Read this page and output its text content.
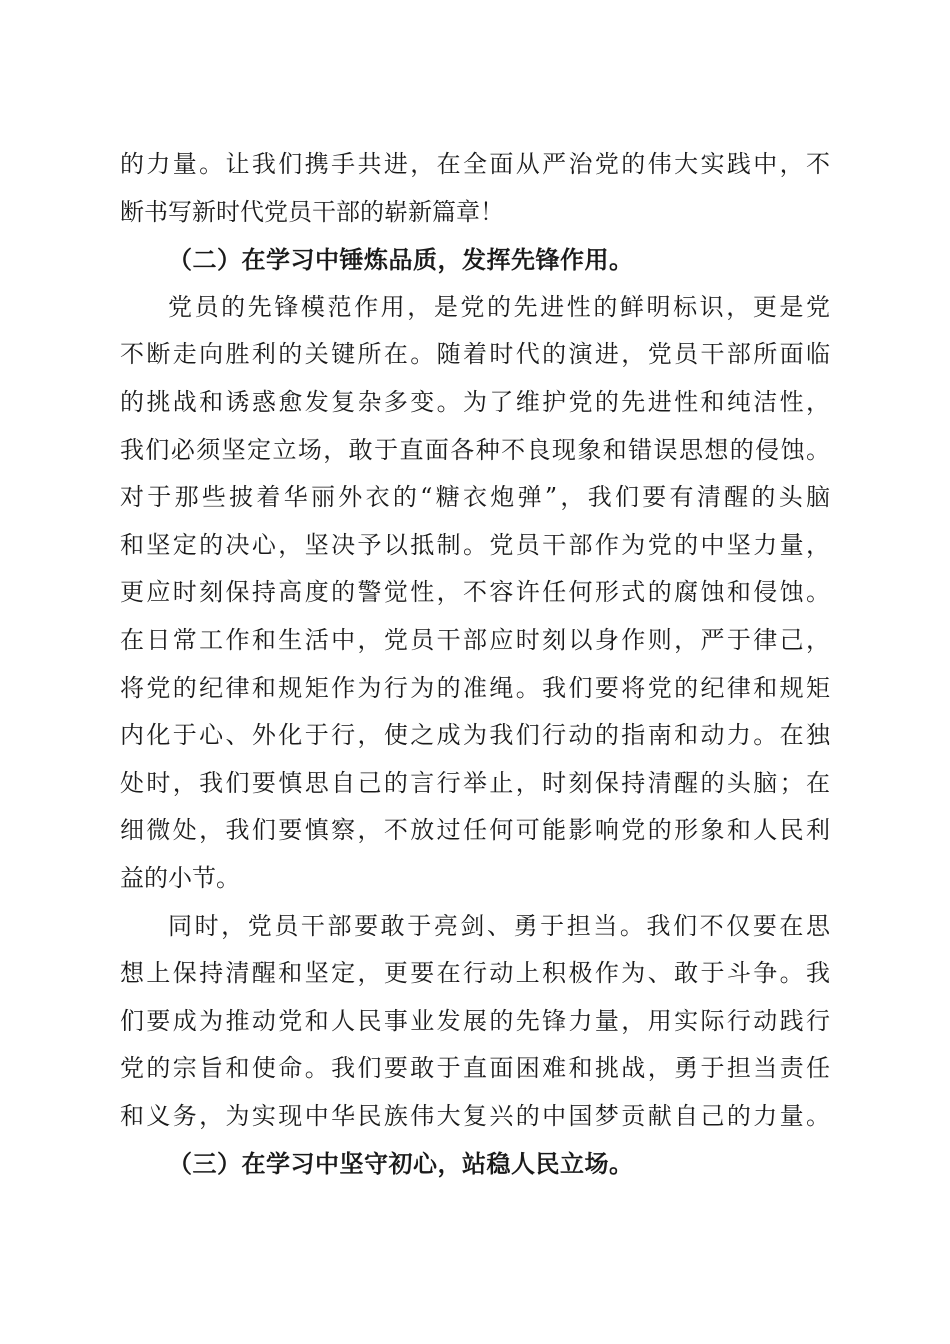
的力量。让我们携手共进，在全面从严治党的伟大实践中，不
断书写新时代党员干部的崭新篇章！
（二）在学习中锤炼品质，发挥先锋作用。
党员的先锋模范作用，是党的先进性的鲜明标识，更是党
不断走向胜利的关键所在。随着时代的演进，党员干部所面临
的挑战和诱惑愈发复杂多变。为了维护党的先进性和纯洁性，
我们必须坚定立场，敢于直面各种不良现象和错误思想的侵蚀。
对于那些披着华丽外衣的“糖衣炮弹”，我们要有清醒的头脑
和坚定的决心，坚决予以抵制。党员干部作为党的中坚力量，
更应时刻保持高度的警觉性，不容许任何形式的腐蚀和侵蚀。
在日常工作和生活中，党员干部应时刻以身作则，严于律己，
将党的纪律和规矩作为行为的准绳。我们要将党的纪律和规矩
内化于心、外化于行，使之成为我们行动的指南和动力。在独
处时，我们要慎思自己的言行举止，时刻保持清醒的头脑；在
细微处，我们要慎察，不放过任何可能影响党的形象和人民利
益的小节。
同时，党员干部要敢于亮剑、勇于担当。我们不仅要在思
想上保持清醒和坚定，更要在行动上积极作为、敢于斗争。我
们要成为推动党和人民事业发展的先锋力量，用实际行动践行
党的宗旨和使命。我们要敢于直面困难和挑战，勇于担当责任
和义务，为实现中华民族伟大复兴的中国梦贡献自己的力量。
（三）在学习中坚守初心，站稳人民立场。
